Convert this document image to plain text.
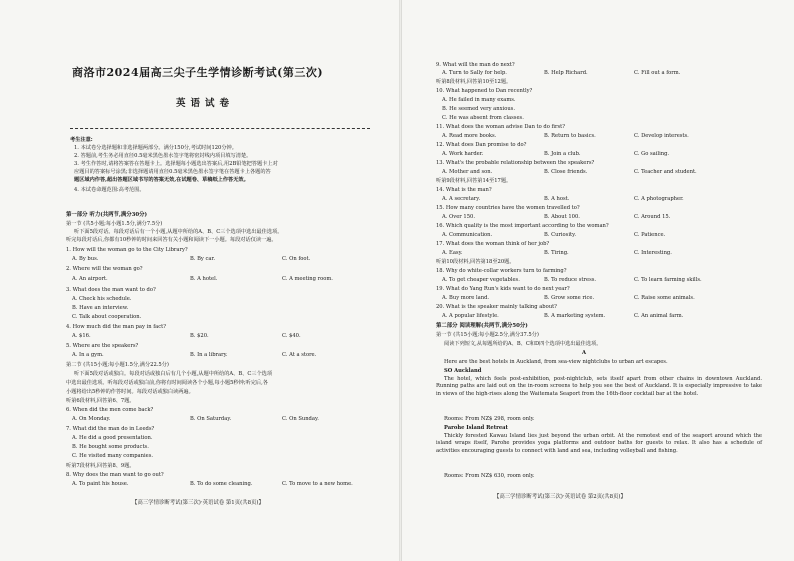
商洛市2024届高三尖子生学情诊断考试(第三次)
英语试卷
考生注意:
1. 本试卷分选择题和非选择题两部分。满分150分,考试时间120分钟。
2. 答题前,考生务必用直径0.5毫米黑色墨水签字笔将密封线内项目填写清楚。
3. 考生作答时,请将答案答在答题卡上。选择题每小题选出答案后,用2B铅笔把答题卡上对
应题目的答案标号涂黑;非选择题请用直径0.5毫米黑色墨水签字笔在答题卡上各题的答
题区域内作答,超出答题区域书写的答案无效,在试题卷、草稿纸上作答无效。
4. 本试卷命题范围:高考范围。
第一部分 听力(共两节,满分30分)
第一节 (共5小题;每小题1.5分,满分7.5分)
听下面5段对话。每段对话后有一个小题,从题中所给的A、B、C三个选项中选出最佳选项。
听完每段对话后,你都有10秒钟的时间来回答有关小题和阅读下一小题。每段对话仅读一遍。
1. How will the woman go to the City Library?
A. By bus.	B. By car.	C. On foot.
2. Where will the woman go?
A. An airport.	B. A hotel.	C. A meeting room.
3. What does the man want to do?
A. Check his schedule.
B. Have an interview.
C. Talk about cooperation.
4. How much did the man pay in fact?
A. $16.	B. $20.	C. $40.
5. Where are the speakers?
A. In a gym.	B. In a library.	C. At a store.
第二节 (共15小题;每小题1.5分,满分22.5分)
听下面5段对话或独白。每段对话或独白后有几个小题,从题中所给的A、B、C三个选项
中选出最佳选项。听每段对话或独白前,你将有时间阅读各个小题,每小题5秒钟;听完后,各
小题将给出5秒钟的作答时间。每段对话或独白读两遍。
听第6段材料,回答第6、7题。
6. When did the men come back?
A. On Monday.	B. On Saturday.	C. On Sunday.
7. What did the man do in Leeds?
A. He did a good presentation.
B. He bought some products.
C. He visited many companies.
听第7段材料,回答第8、9题。
8. Why does the man want to go out?
A. To paint his house.	B. To do some cleaning.	C. To move to a new home.
【高三学情诊断考试(第三次)·英语试卷 第1页(共8页)】
9. What will the man do next?
A. Turn to Sally for help.	B. Help Richard.	C. Fill out a form.
听第8段材料,回答第10至12题。
10. What happened to Dan recently?
A. He failed in many exams.
B. He seemed very anxious.
C. He was absent from classes.
11. What does the woman advise Dan to do first?
A. Read more books.	B. Return to basics.	C. Develop interests.
12. What does Dan promise to do?
A. Work harder.	B. Join a club.	C. Go sailing.
13. What's the probable relationship between the speakers?
A. Mother and son.	B. Close friends.	C. Teacher and student.
听第9段材料,回答第14至17题。
14. What is the man?
A. A secretary.	B. A host.	C. A photographer.
15. How many countries have the women travelled to?
A. Over 150.	B. About 100.	C. Around 15.
16. Which quality is the most important according to the woman?
A. Communication.	B. Curiosity.	C. Patience.
17. What does the woman think of her job?
A. Easy.	B. Tiring.	C. Interesting.
听第10段材料,回答第18至20题。
18. Why do white-collar workers turn to farming?
A. To get cheaper vegetables.	B. To reduce stress.	C. To learn farming skills.
19. What do Yang Run's kids want to do next year?
A. Buy more land.	B. Grow some rice.	C. Raise some animals.
20. What is the speaker mainly talking about?
A. A popular lifestyle.	B. A marketing system.	C. An animal farm.
第二部分 阅读理解(共两节,满分50分)
第一节 (共15小题;每小题2.5分,满分37.5分)
阅读下列短文,从每题所给的A、B、C和D四个选项中选出最佳选项。
A
Here are the best hotels in Auckland, from sea-view nightclubs to urban art escapes.
SO Auckland
The hotel, which feels post-exhibition, post-nightclub, sets itself apart from other chains in downtown Auckland. Running paths are laid out on the in-room screens to help you see the best of Auckland. It is especially impressive to take in views of the high-rises along the Waitemata Seaport from the 16th-floor cocktail bar at the hotel.
Rooms: From NZ$ 298, room only.
Parohe Island Retreat
Thickly forested Kawau Island lies just beyond the urban orbit. At the remotest end of the seaport around which the island wraps itself, Parohe provides yoga platforms and outdoor baths for guests to relax. It also has a schedule of activities encouraging guests to connect with land and sea, including volleyball and fishing.
Rooms: From NZ$ 630, room only.
【高三学情诊断考试(第三次)·英语试卷 第2页(共8页)】
